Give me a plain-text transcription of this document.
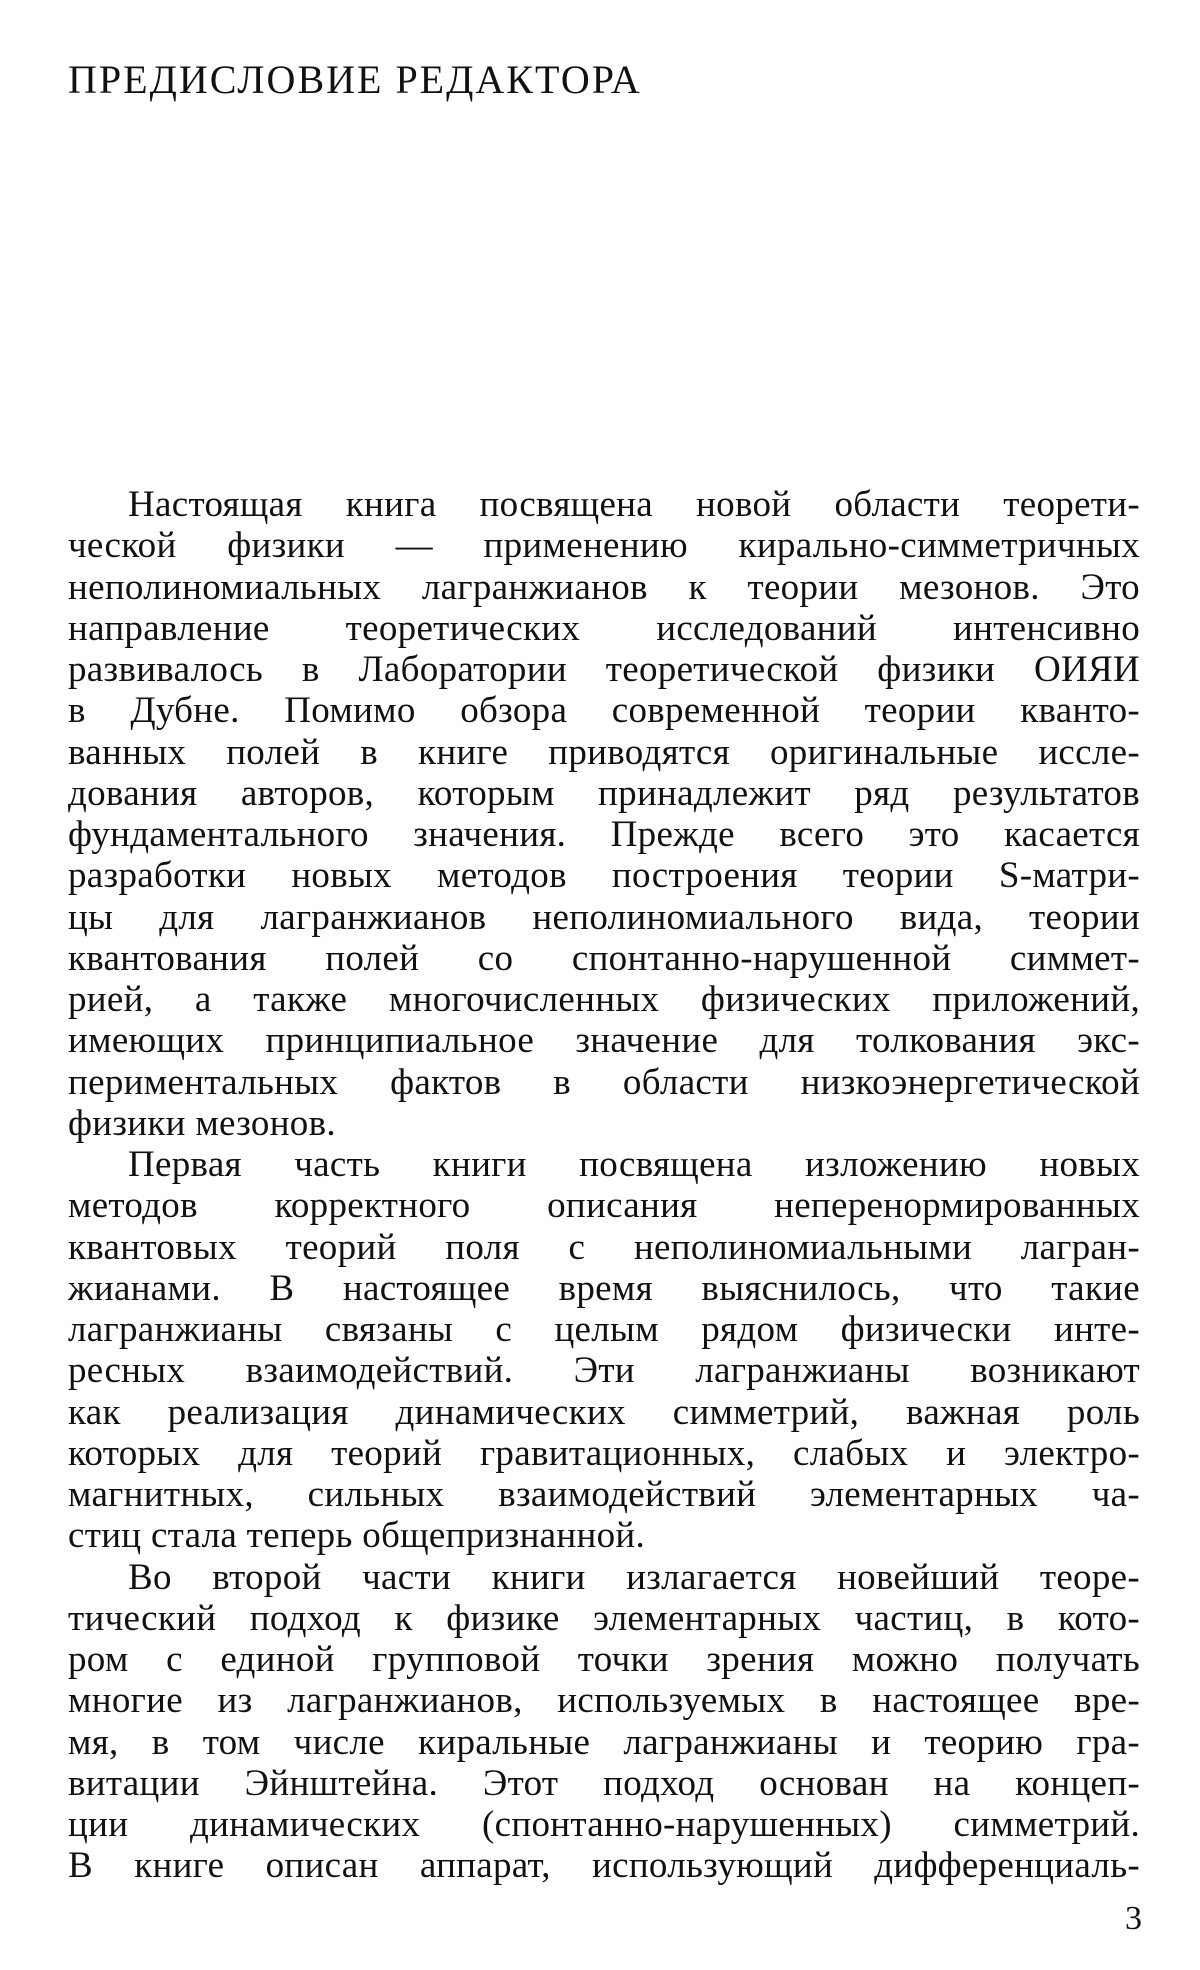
ПРЕДИСЛОВИЕ РЕДАКТОРА
Настоящая книга посвящена новой области теорети-
ческой физики — применению кирально-симметричных
неполиномиальных лагранжианов к теории мезонов. Это
направление теоретических исследований интенсивно
развивалось в Лаборатории теоретической физики ОИЯИ
в Дубне. Помимо обзора современной теории кванто-
ванных полей в книге приводятся оригинальные иссле-
дования авторов, которым принадлежит ряд результатов
фундаментального значения. Прежде всего это касается
разработки новых методов построения теории S-матри-
цы для лагранжианов неполиномиального вида, теории
квантования полей со спонтанно-нарушенной симмет-
рией, а также многочисленных физических приложений,
имеющих принципиальное значение для толкования экс-
периментальных фактов в области низкоэнергетической
физики мезонов.
Первая часть книги посвящена изложению новых
методов корректного описания неперенормированных
квантовых теорий поля с неполиномиальными лагран-
жианами. В настоящее время выяснилось, что такие
лагранжианы связаны с целым рядом физически инте-
ресных взаимодействий. Эти лагранжианы возникают
как реализация динамических симметрий, важная роль
которых для теорий гравитационных, слабых и электро-
магнитных, сильных взаимодействий элементарных ча-
стиц стала теперь общепризнанной.
Во второй части книги излагается новейший теоре-
тический подход к физике элементарных частиц, в кото-
ром с единой групповой точки зрения можно получать
многие из лагранжианов, используемых в настоящее вре-
мя, в том числе киральные лагранжианы и теорию гра-
витации Эйнштейна. Этот подход основан на концеп-
ции динамических (спонтанно-нарушенных) симметрий.
В книге описан аппарат, использующий дифференциаль-
3
